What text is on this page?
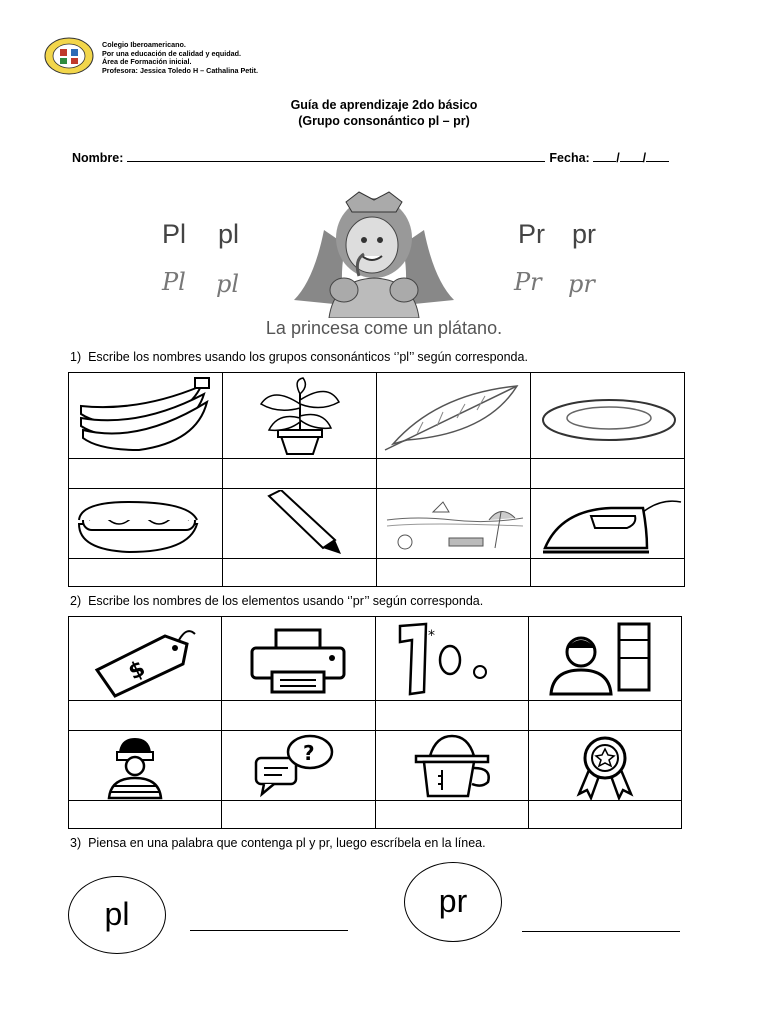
Colegio Iberoamericano.
Por una educación de calidad y equidad.
Área de Formación inicial.
Profesora: Jessica Toledo H – Cathalina Petit.
Guía de aprendizaje 2do básico
(Grupo consonántico pl – pr)
Nombre:	Fecha: / /
Pl pl
Pl pl
Pr pr
Pr pr
La princesa come un plátano.
1) Escribe los nombres usando los grupos consonánticos ‘’pl’’ según corresponda.

2) Escribe los nombres de los elementos usando ‘’pr’’ según corresponda.
$		*

?

3) Piensa en una palabra que contenga pl y pr, luego escríbela en la línea.
pl	pr
